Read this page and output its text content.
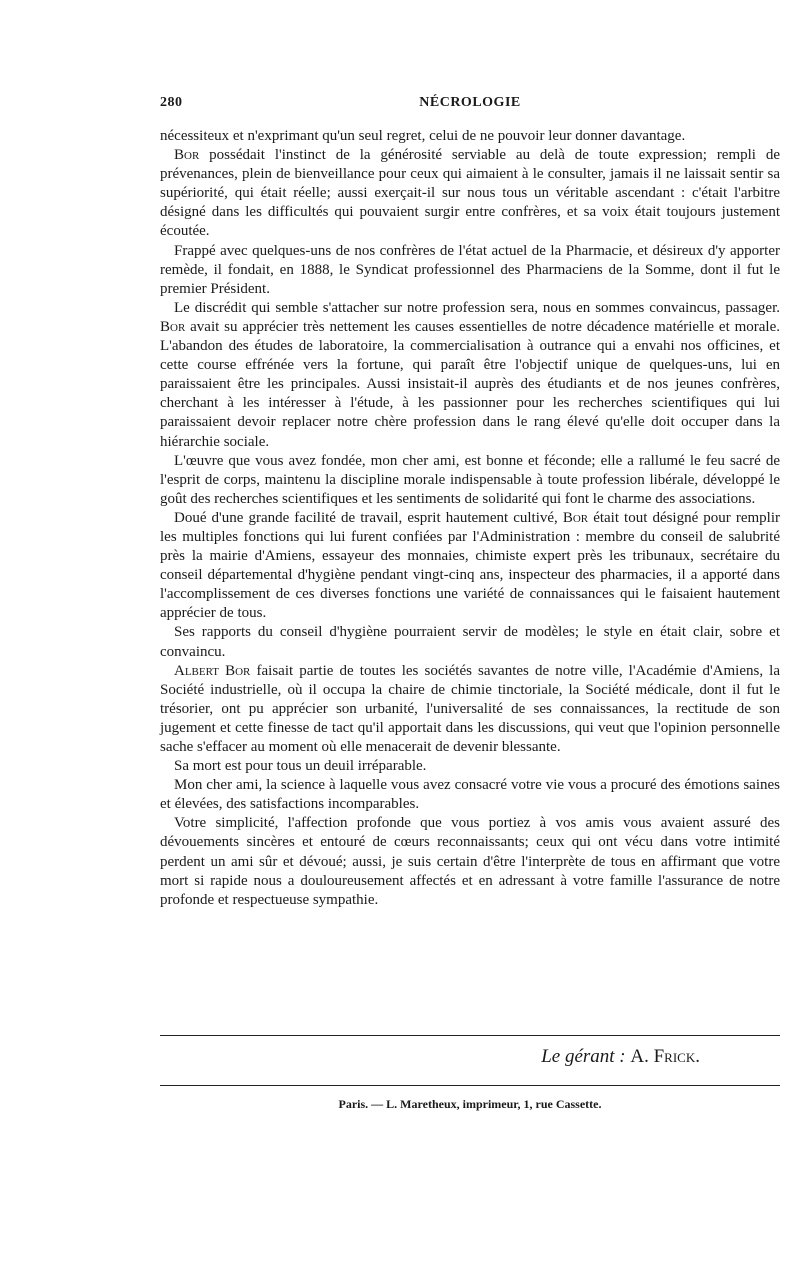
280	NÉCROLOGIE

nécessiteux et n'exprimant qu'un seul regret, celui de ne pouvoir leur donner davantage.

Bor possédait l'instinct de la générosité serviable au delà de toute expression; rempli de prévenances, plein de bienveillance pour ceux qui aimaient à le consulter, jamais il ne laissait sentir sa supériorité, qui était réelle; aussi exerçait-il sur nous tous un véritable ascendant : c'était l'arbitre désigné dans les difficultés qui pouvaient surgir entre confrères, et sa voix était toujours justement écoutée.

Frappé avec quelques-uns de nos confrères de l'état actuel de la Pharmacie, et désireux d'y apporter remède, il fondait, en 1888, le Syndicat professionnel des Pharmaciens de la Somme, dont il fut le premier Président.

Le discrédit qui semble s'attacher sur notre profession sera, nous en sommes convaincus, passager. Bor avait su apprécier très nettement les causes essentielles de notre décadence matérielle et morale. L'abandon des études de laboratoire, la commercialisation à outrance qui a envahi nos officines, et cette course effrénée vers la fortune, qui paraît être l'objectif unique de quelques-uns, lui en paraissaient être les principales. Aussi insistait-il auprès des étudiants et de nos jeunes confrères, cherchant à les intéresser à l'étude, à les passionner pour les recherches scientifiques qui lui paraissaient devoir replacer notre chère profession dans le rang élevé qu'elle doit occuper dans la hiérarchie sociale.

L'œuvre que vous avez fondée, mon cher ami, est bonne et féconde; elle a rallumé le feu sacré de l'esprit de corps, maintenu la discipline morale indispensable à toute profession libérale, développé le goût des recherches scientifiques et les sentiments de solidarité qui font le charme des associations.

Doué d'une grande facilité de travail, esprit hautement cultivé, Bor était tout désigné pour remplir les multiples fonctions qui lui furent confiées par l'Administration : membre du conseil de salubrité près la mairie d'Amiens, essayeur des monnaies, chimiste expert près les tribunaux, secrétaire du conseil départemental d'hygiène pendant vingt-cinq ans, inspecteur des pharmacies, il a apporté dans l'accomplissement de ces diverses fonctions une variété de connaissances qui le faisaient hautement apprécier de tous.

Ses rapports du conseil d'hygiène pourraient servir de modèles; le style en était clair, sobre et convaincu.

Albert Bor faisait partie de toutes les sociétés savantes de notre ville, l'Académie d'Amiens, la Société industrielle, où il occupa la chaire de chimie tinctoriale, la Société médicale, dont il fut le trésorier, ont pu apprécier son urbanité, l'universalité de ses connaissances, la rectitude de son jugement et cette finesse de tact qu'il apportait dans les discussions, qui veut que l'opinion personnelle sache s'effacer au moment où elle menacerait de devenir blessante.

Sa mort est pour tous un deuil irréparable.

Mon cher ami, la science à laquelle vous avez consacré votre vie vous a procuré des émotions saines et élevées, des satisfactions incomparables.

Votre simplicité, l'affection profonde que vous portiez à vos amis vous avaient assuré des dévouements sincères et entouré de cœurs reconnaissants; ceux qui ont vécu dans votre intimité perdent un ami sûr et dévoué; aussi, je suis certain d'être l'interprète de tous en affirmant que votre mort si rapide nous a douloureusement affectés et en adressant à votre famille l'assurance de notre profonde et respectueuse sympathie.

Le gérant : A. Frick.
Paris. — L. Maretheux, imprimeur, 1, rue Cassette.
